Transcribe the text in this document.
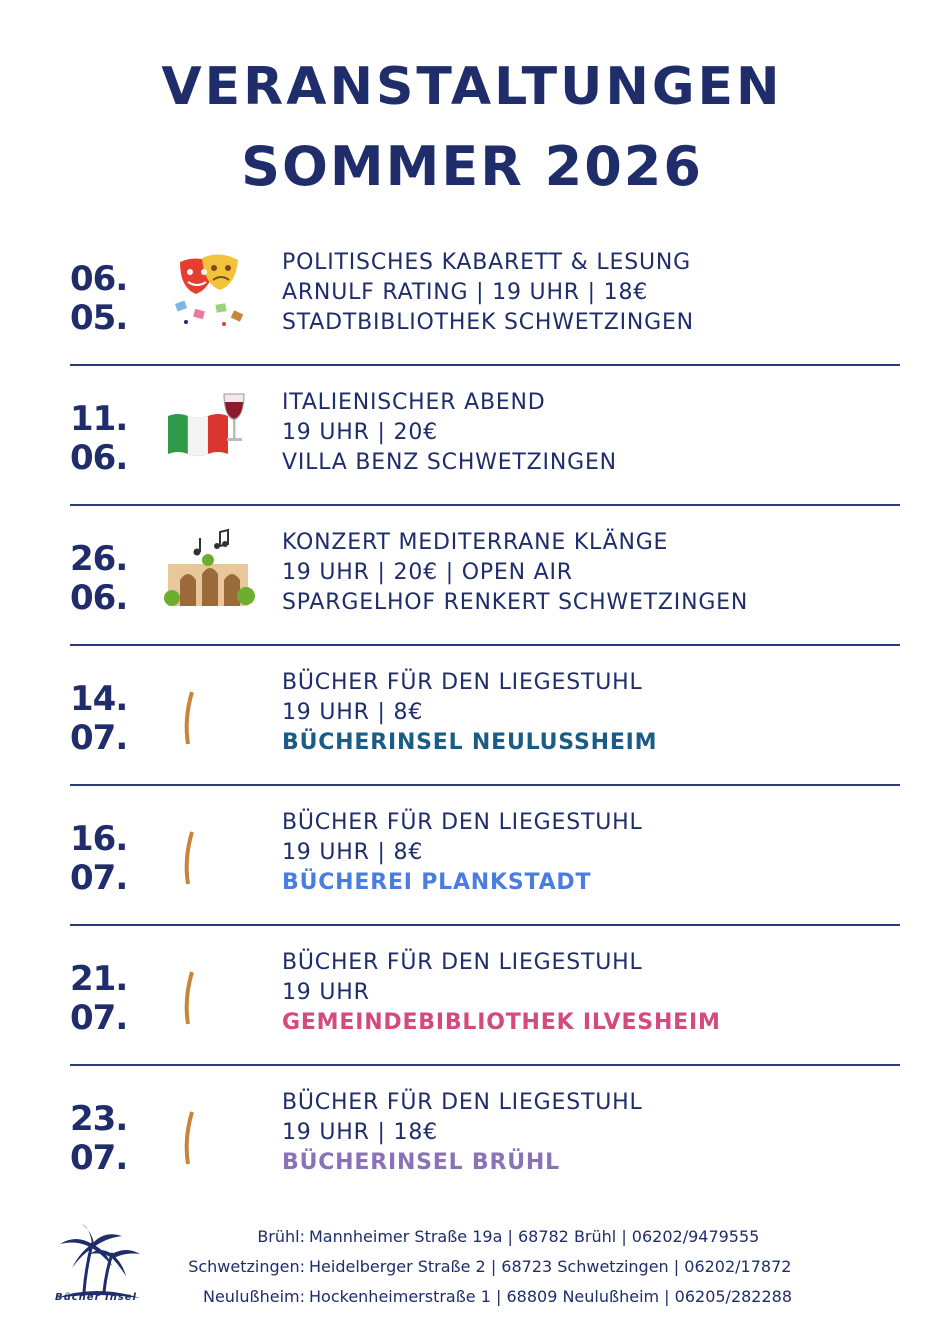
VERANSTALTUNGEN
SOMMER 2026
06.
05.
POLITISCHES KABARETT & LESUNG
ARNULF RATING | 19 UHR | 18€
STADTBIBLIOTHEK SCHWETZINGEN
11.
06.
ITALIENISCHER ABEND
19 UHR | 20€
VILLA BENZ SCHWETZINGEN
26.
06.
KONZERT MEDITERRANE KLÄNGE
19 UHR | 20€ | OPEN AIR
SPARGELHOF RENKERT SCHWETZINGEN
14.
07.
BÜCHER FÜR DEN LIEGESTUHL
19 UHR | 8€
BÜCHERINSEL NEULUSSHEIM
16.
07.
BÜCHER FÜR DEN LIEGESTUHL
19 UHR | 8€
BÜCHEREI PLANKSTADT
21.
07.
BÜCHER FÜR DEN LIEGESTUHL
19 UHR
GEMEINDEBIBLIOTHEK ILVESHEIM
23.
07.
BÜCHER FÜR DEN LIEGESTUHL
19 UHR | 18€
BÜCHERINSEL BRÜHL
Bücher Insel
Brühl: Mannheimer Straße 19a | 68782 Brühl | 06202/9479555
Schwetzingen: Heidelberger Straße 2 | 68723 Schwetzingen | 06202/17872
Neulußheim: Hockenheimerstraße 1 | 68809 Neulußheim | 06205/282288
